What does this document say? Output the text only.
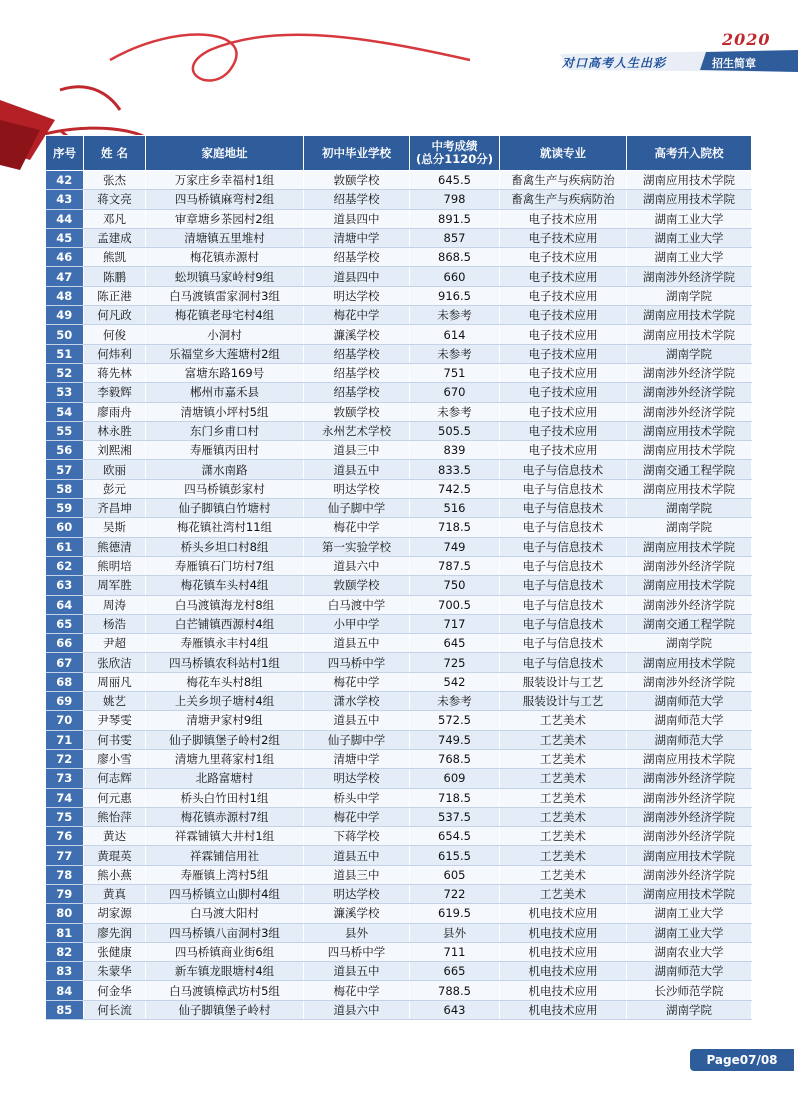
2020
对口高考人生出彩	招生简章
序号	姓 名	家庭地址	初中毕业学校	中考成绩
(总分1120分)	就读专业	高考升入院校
42	张杰	万家庄乡幸福村1组	敦颐学校	645.5	畜禽生产与疾病防治	湖南应用技术学院
43	蒋文亮	四马桥镇麻弯村2组	绍基学校	798	畜禽生产与疾病防治	湖南应用技术学院
44	邓凡	审章塘乡茶园村2组	道县四中	891.5	电子技术应用	湖南工业大学
45	孟建成	清塘镇五里堆村	清塘中学	857	电子技术应用	湖南工业大学
46	熊凯	梅花镇赤源村	绍基学校	868.5	电子技术应用	湖南工业大学
47	陈鹏	蚣坝镇马家岭村9组	道县四中	660	电子技术应用	湖南涉外经济学院
48	陈正港	白马渡镇雷家洞村3组	明达学校	916.5	电子技术应用	湖南学院
49	何凡政	梅花镇老母宅村4组	梅花中学	未参考	电子技术应用	湖南应用技术学院
50	何俊	小洞村	濂溪学校	614	电子技术应用	湖南应用技术学院
51	何炜利	乐福堂乡大莲塘村2组	绍基学校	未参考	电子技术应用	湖南学院
52	蒋先林	富塘东路169号	绍基学校	751	电子技术应用	湖南涉外经济学院
53	李毅辉	郴州市嘉禾县	绍基学校	670	电子技术应用	湖南涉外经济学院
54	廖雨舟	清塘镇小坪村5组	敦颐学校	未参考	电子技术应用	湖南涉外经济学院
55	林永胜	东门乡甫口村	永州艺术学校	505.5	电子技术应用	湖南应用技术学院
56	刘熙湘	寿雁镇丙田村	道县三中	839	电子技术应用	湖南应用技术学院
57	欧丽	潇水南路	道县五中	833.5	电子与信息技术	湖南交通工程学院
58	彭元	四马桥镇彭家村	明达学校	742.5	电子与信息技术	湖南应用技术学院
59	齐昌坤	仙子脚镇白竹塘村	仙子脚中学	516	电子与信息技术	湖南学院
60	吴斯	梅花镇社湾村11组	梅花中学	718.5	电子与信息技术	湖南学院
61	熊德清	桥头乡坦口村8组	第一实验学校	749	电子与信息技术	湖南应用技术学院
62	熊明培	寿雁镇石门坊村7组	道县六中	787.5	电子与信息技术	湖南涉外经济学院
63	周军胜	梅花镇车头村4组	敦颐学校	750	电子与信息技术	湖南应用技术学院
64	周涛	白马渡镇海龙村8组	白马渡中学	700.5	电子与信息技术	湖南涉外经济学院
65	杨浩	白芒铺镇西源村4组	小甲中学	717	电子与信息技术	湖南交通工程学院
66	尹超	寿雁镇永丰村4组	道县五中	645	电子与信息技术	湖南学院
67	张欣洁	四马桥镇农科站村1组	四马桥中学	725	电子与信息技术	湖南应用技术学院
68	周丽凡	梅花车头村8组	梅花中学	542	服装设计与工艺	湖南涉外经济学院
69	姚艺	上关乡坝子塘村4组	潇水学校	未参考	服装设计与工艺	湖南师范大学
70	尹琴雯	清塘尹家村9组	道县五中	572.5	工艺美术	湖南师范大学
71	何书雯	仙子脚镇堡子岭村2组	仙子脚中学	749.5	工艺美术	湖南师范大学
72	廖小雪	清塘九里蒋家村1组	清塘中学	768.5	工艺美术	湖南应用技术学院
73	何志辉	北路富塘村	明达学校	609	工艺美术	湖南涉外经济学院
74	何元惠	桥头白竹田村1组	桥头中学	718.5	工艺美术	湖南涉外经济学院
75	熊怡萍	梅花镇赤源村7组	梅花中学	537.5	工艺美术	湖南涉外经济学院
76	黄达	祥霖铺镇大井村1组	下蒋学校	654.5	工艺美术	湖南涉外经济学院
77	黄琨英	祥霖铺信用社	道县五中	615.5	工艺美术	湖南应用技术学院
78	熊小燕	寿雁镇上湾村5组	道县三中	605	工艺美术	湖南涉外经济学院
79	黄真	四马桥镇立山脚村4组	明达学校	722	工艺美术	湖南应用技术学院
80	胡家源	白马渡大阳村	濂溪学校	619.5	机电技术应用	湖南工业大学
81	廖先润	四马桥镇八亩洞村3组	县外	县外	机电技术应用	湖南工业大学
82	张健康	四马桥镇商业街6组	四马桥中学	711	机电技术应用	湖南农业大学
83	朱蒙华	新车镇龙眼塘村4组	道县五中	665	机电技术应用	湖南师范大学
84	何金华	白马渡镇樟武坊村5组	梅花中学	788.5	机电技术应用	长沙师范学院
85	何长流	仙子脚镇堡子岭村	道县六中	643	机电技术应用	湖南学院
Page07/08
